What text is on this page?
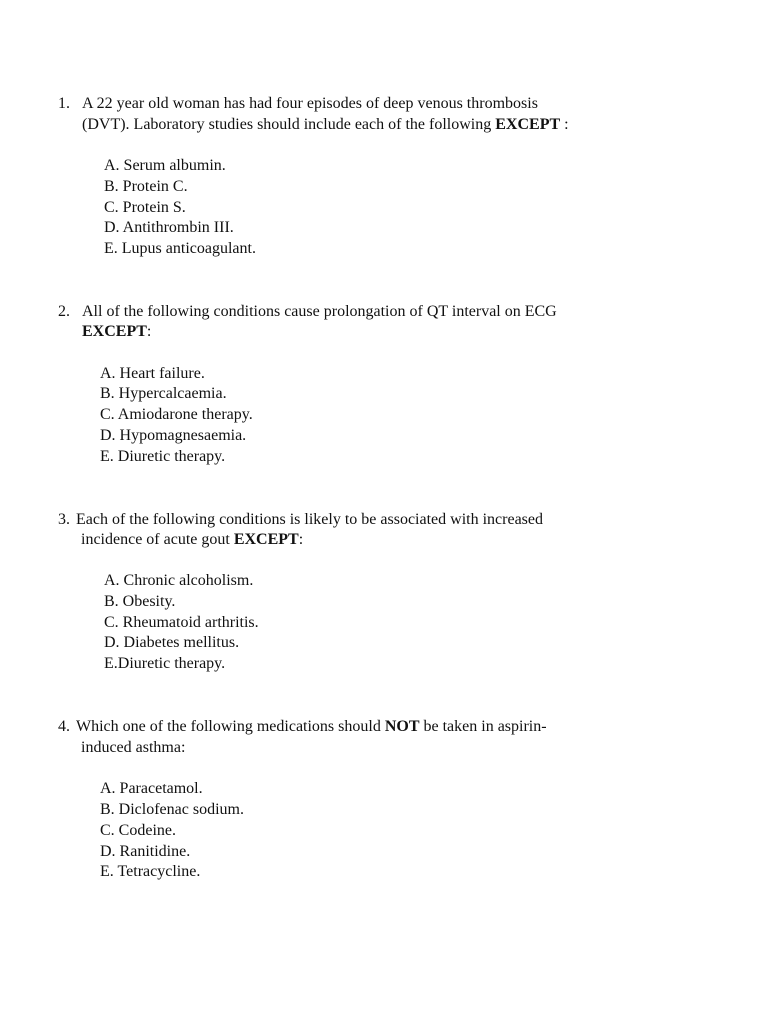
1. A 22 year old woman has had four episodes of deep venous thrombosis
(DVT). Laboratory studies should include each of the following EXCEPT :
A. Serum albumin.
B. Protein C.
C. Protein S.
D. Antithrombin III.
E. Lupus anticoagulant.
2. All of the following conditions cause prolongation of QT interval on ECG
EXCEPT:
A. Heart failure.
B. Hypercalcaemia.
C. Amiodarone therapy.
D. Hypomagnesaemia.
E. Diuretic therapy.
3. Each of the following conditions is likely to be associated with increased
incidence of acute gout EXCEPT:
A. Chronic alcoholism.
B. Obesity.
C. Rheumatoid arthritis.
D. Diabetes mellitus.
E.Diuretic therapy.
4. Which one of the following medications should NOT be taken in aspirin-
induced asthma:
A. Paracetamol.
B. Diclofenac sodium.
C. Codeine.
D. Ranitidine.
E. Tetracycline.
